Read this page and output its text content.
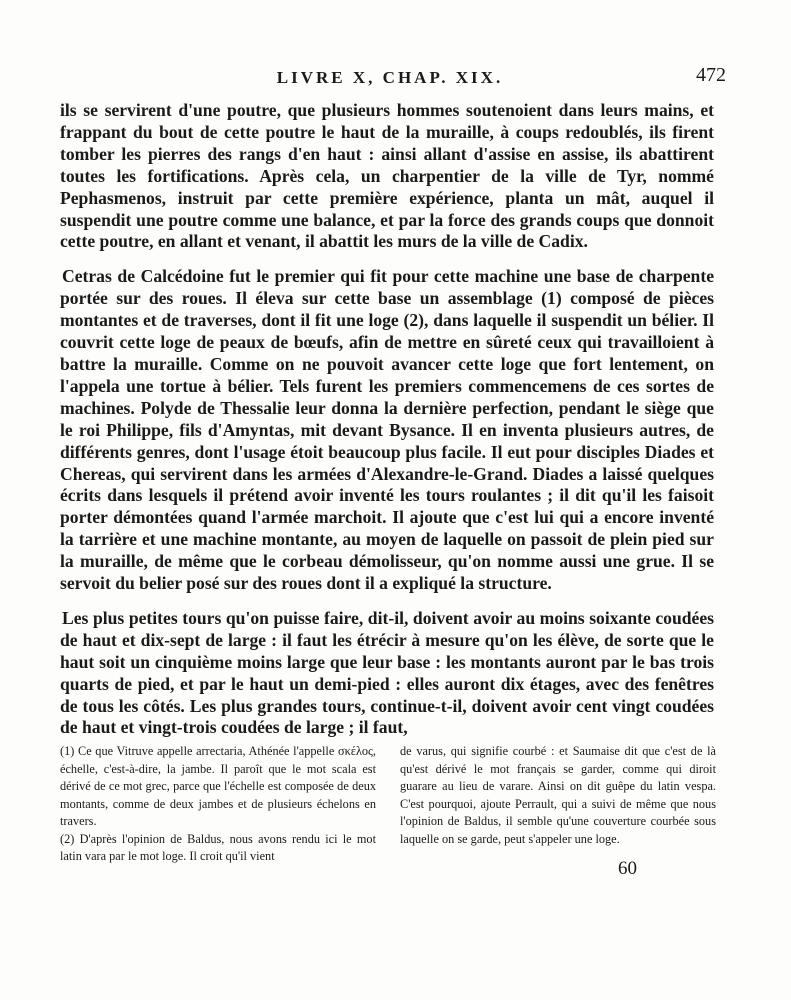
LIVRE X, CHAP. XIX.	472

ils se servirent d'une poutre, que plusieurs hommes soutenoient dans leurs mains, et frappant du bout de cette poutre le haut de la muraille, à coups redoublés, ils firent tomber les pierres des rangs d'en haut : ainsi allant d'assise en assise, ils abattirent toutes les fortifications. Après cela, un charpentier de la ville de Tyr, nommé Pephasmenos, instruit par cette première expérience, planta un mât, auquel il suspendit une poutre comme une balance, et par la force des grands coups que donnoit cette poutre, en allant et venant, il abattit les murs de la ville de Cadix.

Cetras de Calcédoine fut le premier qui fit pour cette machine une base de charpente portée sur des roues. Il éleva sur cette base un assemblage (1) composé de pièces montantes et de traverses, dont il fit une loge (2), dans laquelle il suspendit un bélier. Il couvrit cette loge de peaux de bœufs, afin de mettre en sûreté ceux qui travailloient à battre la muraille. Comme on ne pouvoit avancer cette loge que fort lentement, on l'appela une tortue à bélier. Tels furent les premiers commencemens de ces sortes de machines. Polyde de Thessalie leur donna la dernière perfection, pendant le siège que le roi Philippe, fils d'Amyntas, mit devant Bysance. Il en inventa plusieurs autres, de différents genres, dont l'usage étoit beaucoup plus facile. Il eut pour disciples Diades et Chereas, qui servirent dans les armées d'Alexandre-le-Grand. Diades a laissé quelques écrits dans lesquels il prétend avoir inventé les tours roulantes ; il dit qu'il les faisoit porter démontées quand l'armée marchoit. Il ajoute que c'est lui qui a encore inventé la tarrière et une machine montante, au moyen de laquelle on passoit de plein pied sur la muraille, de même que le corbeau démolisseur, qu'on nomme aussi une grue. Il se servoit du belier posé sur des roues dont il a expliqué la structure.

Les plus petites tours qu'on puisse faire, dit-il, doivent avoir au moins soixante coudées de haut et dix-sept de large : il faut les étrécir à mesure qu'on les élève, de sorte que le haut soit un cinquième moins large que leur base : les montants auront par le bas trois quarts de pied, et par le haut un demi-pied : elles auront dix étages, avec des fenêtres de tous les côtés. Les plus grandes tours, continue-t-il, doivent avoir cent vingt coudées de haut et vingt-trois coudées de large ; il faut,

(1) Ce que Vitruve appelle arrectaria, Athénée l'appelle σκέλος, échelle, c'est-à-dire, la jambe. Il paroît que le mot scala est dérivé de ce mot grec, parce que l'échelle est composée de deux montants, comme de deux jambes et de plusieurs échelons en travers.

(2) D'après l'opinion de Baldus, nous avons rendu ici le mot latin vara par le mot loge. Il croit qu'il vient

de varus, qui signifie courbé : et Saumaise dit que c'est de là qu'est dérivé le mot français se garder, comme qui diroit guarare au lieu de varare. Ainsi on dit guêpe du latin vespa. C'est pourquoi, ajoute Perrault, qui a suivi de même que nous l'opinion de Baldus, il semble qu'une couverture courbée sous laquelle on se garde, peut s'appeler une loge.

60
